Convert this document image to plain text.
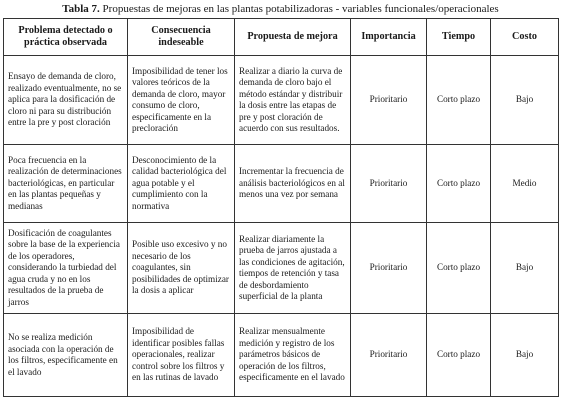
Tabla 7. Propuestas de mejoras en las plantas potabilizadoras - variables funcionales/operacionales
Problema detectado o práctica observada	Consecuencia indeseable	Propuesta de mejora	Importancia	Tiempo	Costo
Ensayo de demanda de cloro, realizado eventualmente, no se aplica para la dosificación de cloro ni para su distribución entre la pre y post cloración	Imposibilidad de tener los valores teóricos de la demanda de cloro, mayor consumo de cloro, especificamente en la precloración	Realizar a diario la curva de demanda de cloro bajo el método estándar y distribuir la dosis entre las etapas de pre y post cloración de acuerdo con sus resultados.	Prioritario	Corto plazo	Bajo
Poca frecuencia en la realización de determinaciones bacteriológicas, en particular en las plantas pequeñas y medianas	Desconocimiento de la calidad bacteriológica del agua potable y el cumplimiento con la normativa	Incrementar la frecuencia de análisis bacteriológicos en al menos una vez por semana	Prioritario	Corto plazo	Medio
Dosificación de coagulantes sobre la base de la experiencia de los operadores, considerando la turbiedad del agua cruda y no en los resultados de la prueba de jarros	Posible uso excesivo y no necesario de los coagulantes, sin posibilidades de optimizar la dosis a aplicar	Realizar diariamente la prueba de jarros ajustada a las condiciones de agitación, tiempos de retención y tasa de desbordamiento superficial de la planta	Prioritario	Corto plazo	Bajo
No se realiza medición asociada con la operación de los filtros, especificamente en el lavado	Imposibilidad de identificar posibles fallas operacionales, realizar control sobre los filtros y en las rutinas de lavado	Realizar mensualmente medición y registro de los parámetros básicos de operación de los filtros, especificamente en el lavado	Prioritario	Corto plazo	Bajo
